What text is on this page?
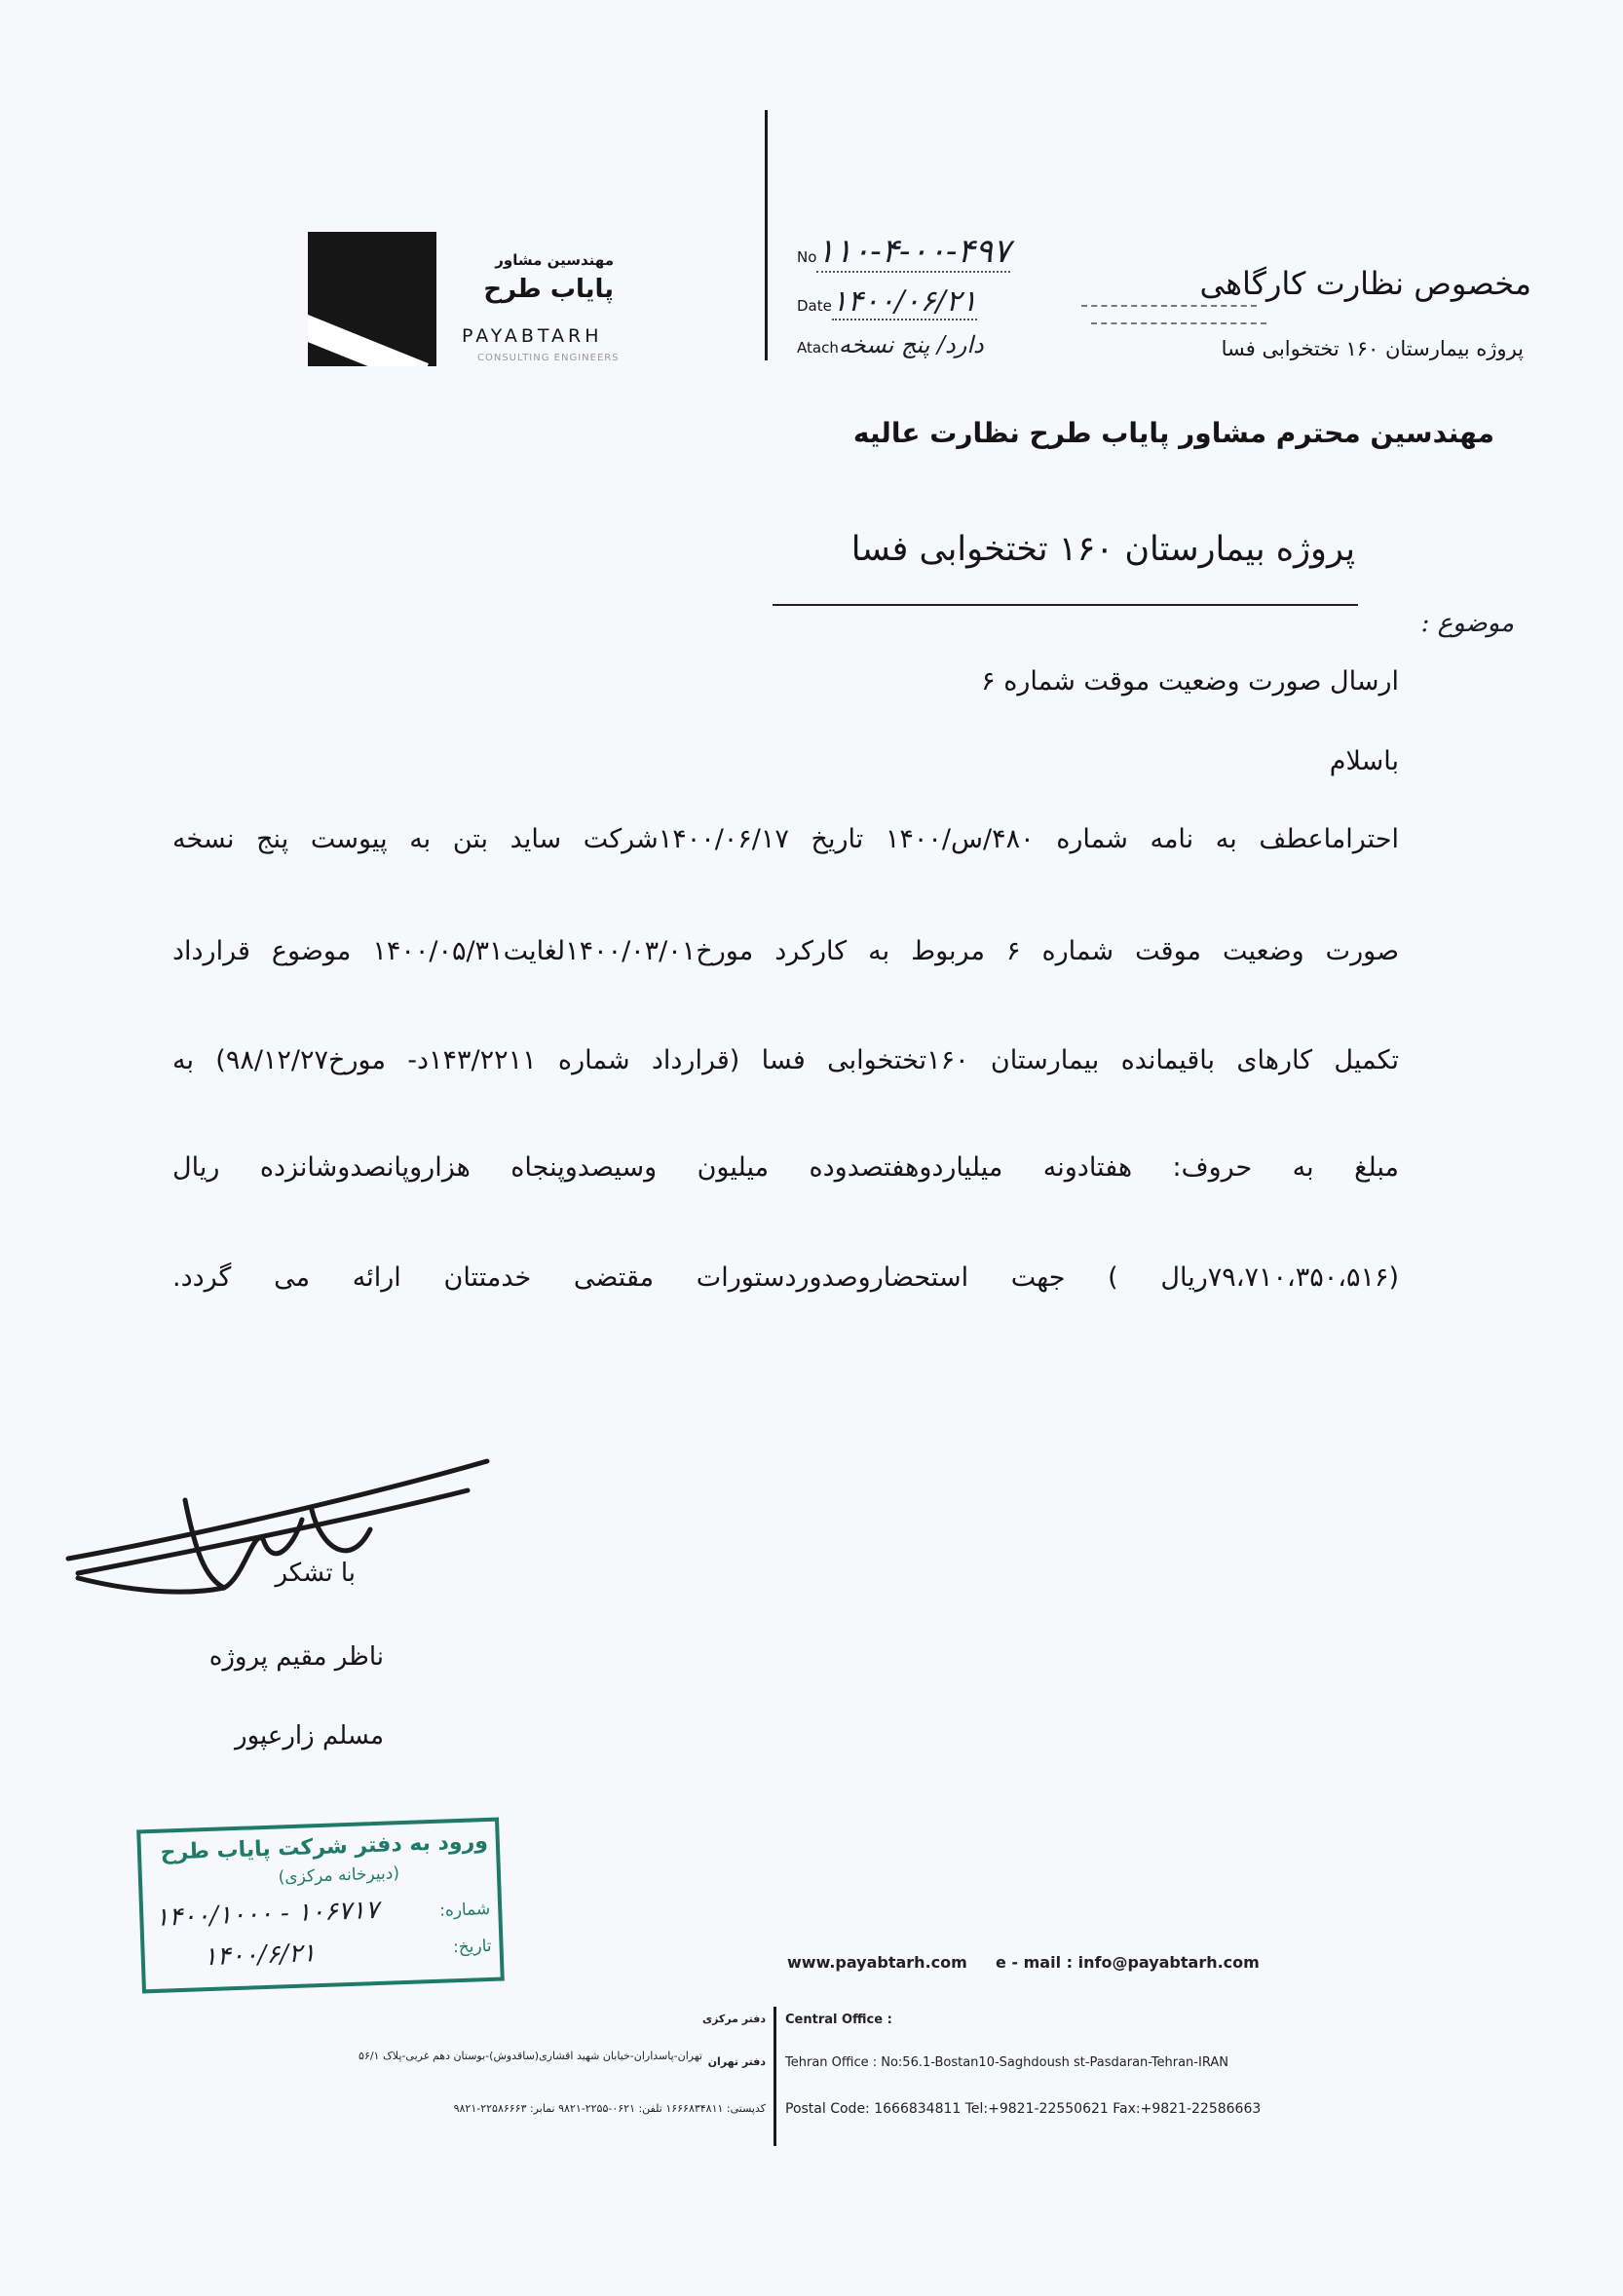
مهندسین مشاور
پایاب طرح
PAYABTARH
CONSULTING ENGINEERS
No۱۱۰-۴-۰۰-۴۹۷
Date۱۴۰۰/۰۶/۲۱
Atachدارد/ پنج نسخه
مخصوص نظارت کارگاهی
پروژه بیمارستان ۱۶۰ تختخوابی فسا
مهندسین محترم مشاور پایاب طرح نظارت عالیه
پروژه بیمارستان ۱۶۰ تختخوابی فسا
موضوع :
ارسال صورت وضعیت موقت شماره ۶
باسلام
احتراماعطف به نامه شماره ۴۸۰/س/۱۴۰۰ تاریخ ۱۴۰۰/۰۶/۱۷شرکت ساید بتن به پیوست پنج نسخه
صورت وضعیت موقت شماره ۶ مربوط به کارکرد مورخ۱۴۰۰/۰۳/۰۱لغایت۱۴۰۰/۰۵/۳۱ موضوع قرارداد
تکمیل کارهای باقیمانده بیمارستان ۱۶۰تختخوابی فسا (قرارداد شماره ۱۴۳/۲۲۱۱د- مورخ۹۸/۱۲/۲۷) به
مبلغ به حروف: هفتادونه میلیاردوهفتصدوده میلیون وسیصدوپنجاه هزاروپانصدوشانزده ریال
(۷۹،۷۱۰،۳۵۰،۵۱۶ریال ) جهت استحضاروصدوردستورات مقتضی خدمتتان ارائه می گردد.
با تشکر
ناظر مقیم پروژه
مسلم زارعپور
ورود به دفتر شرکت پایاب طرح
(دبیرخانه مرکزی)
شماره:
۱۴۰۰/۱۰۰۰ - ۱۰۶۷۱۷
تاریخ:
۱۴۰۰/۶/۲۱	www.payabtarh.com e - mail : info@payabtarh.com
دفتر مرکزی
دفتر تهران
تهران-پاسداران-خیابان شهید اقشاری(ساقدوش)-بوستان دهم غربی-پلاک ۵۶/۱
کدپستی: ۱۶۶۶۸۳۴۸۱۱ تلفن: ۰۶۲۱-۲۲۵۵-۹۸۲۱ نمابر: ۲۲۵۸۶۶۶۳-۹۸۲۱
Central Office :
Tehran Office : No:56.1-Bostan10-Saghdoush st-Pasdaran-Tehran-IRAN
Postal Code: 1666834811 Tel:+9821-22550621 Fax:+9821-22586663
